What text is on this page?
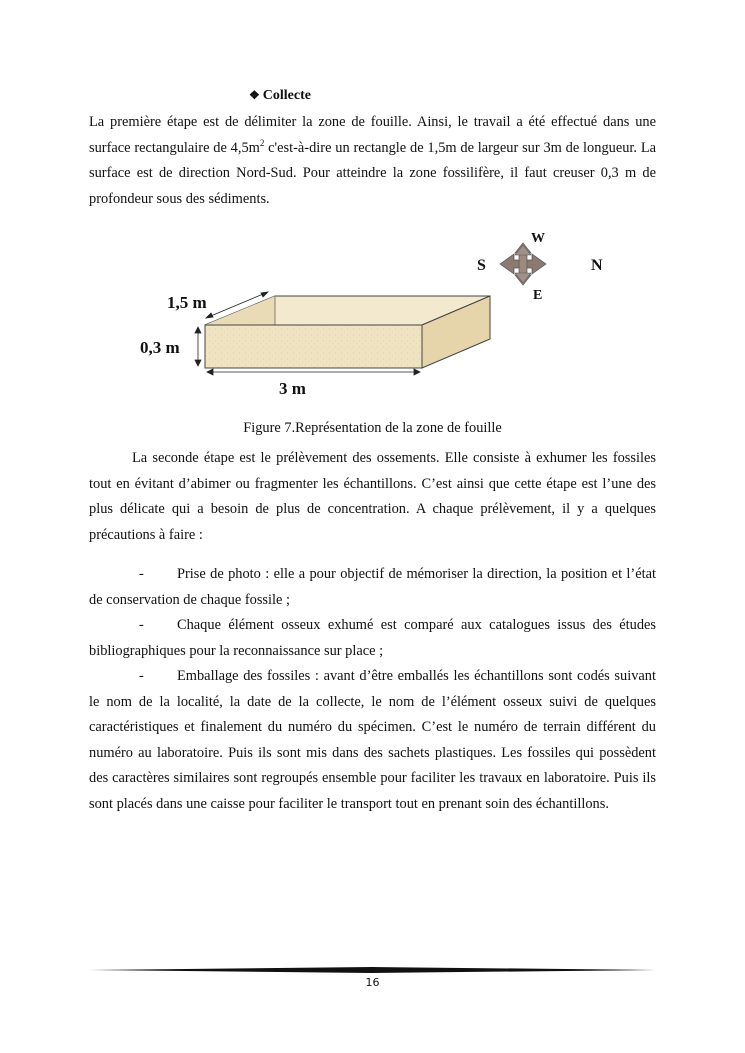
❖ Collecte

La première étape est de délimiter la zone de fouille. Ainsi, le travail a été effectué dans une surface rectangulaire de $4,5m^2$ c'est-à-dire un rectangle de 1,5m de largeur sur 3m de longueur. La surface est de direction Nord-Sud. Pour atteindre la zone fossilifère, il faut creuser 0,3 m de profondeur sous des sédiments.

1,5 m
0,3 m
3 m
W
S	N
E
Figure 7.Représentation de la zone de fouille

La seconde étape est le prélèvement des ossements. Elle consiste à exhumer les fossiles tout en évitant d’abimer ou fragmenter les échantillons. C’est ainsi que cette étape est l’une des plus délicate qui a besoin de plus de concentration. A chaque prélèvement, il y a quelques précautions à faire :

- Prise de photo : elle a pour objectif de mémoriser la direction, la position et l’état de conservation de chaque fossile ;

- Chaque élément osseux exhumé est comparé aux catalogues issus des études bibliographiques pour la reconnaissance sur place ;

- Emballage des fossiles : avant d’être emballés les échantillons sont codés suivant le nom de la localité, la date de la collecte, le nom de l’élément osseux suivi de quelques caractéristiques et finalement du numéro du spécimen. C’est le numéro de terrain différent du numéro au laboratoire. Puis ils sont mis dans des sachets plastiques. Les fossiles qui possèdent des caractères similaires sont regroupés ensemble pour faciliter les travaux en laboratoire. Puis ils sont placés dans une caisse pour faciliter le transport tout en prenant soin des échantillons.

16
